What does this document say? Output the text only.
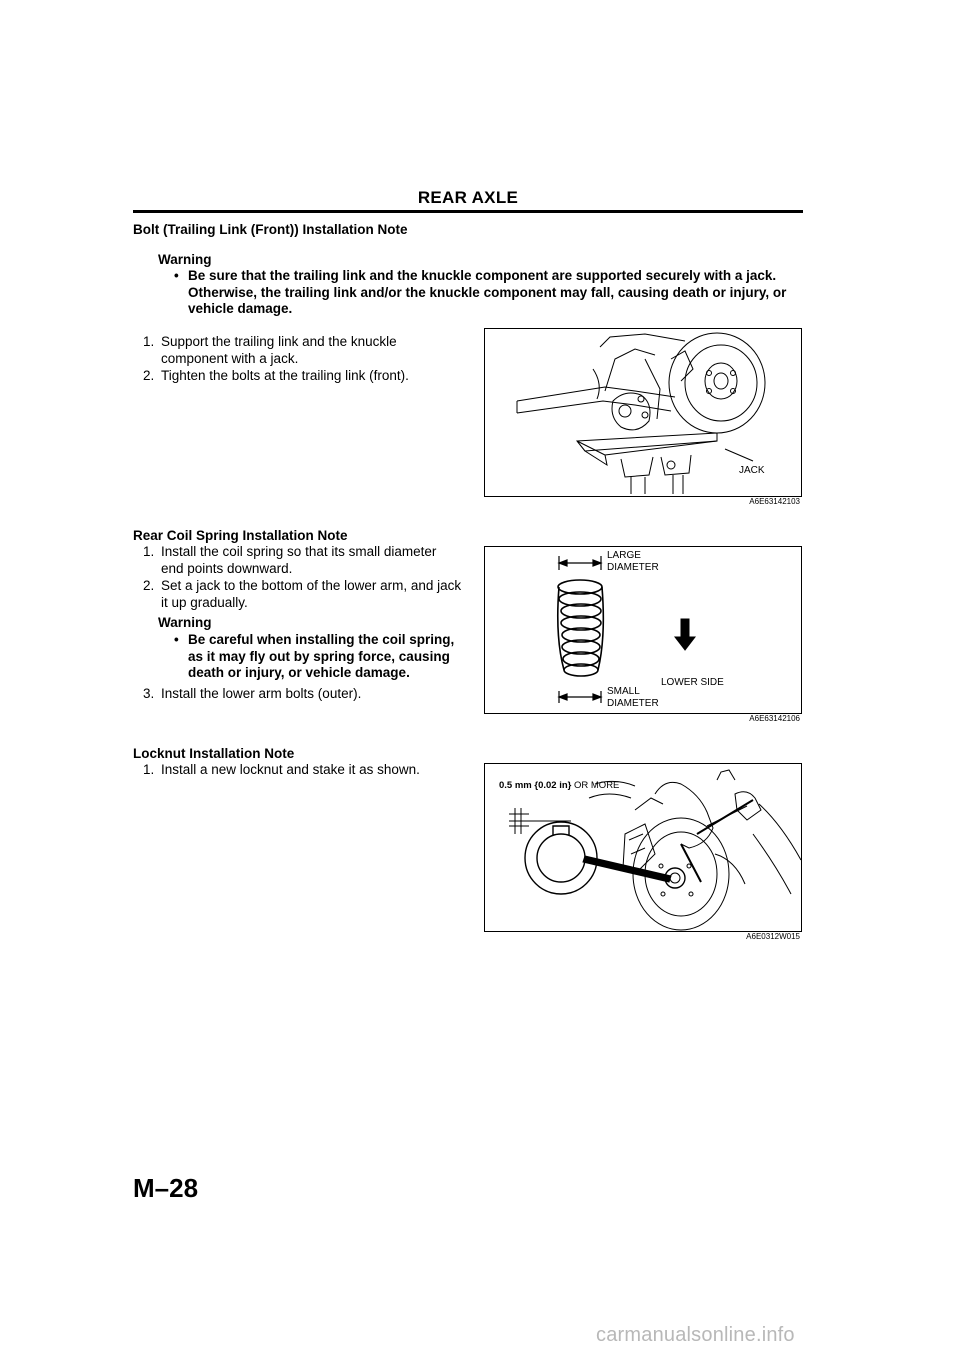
REAR AXLE
Bolt (Trailing Link (Front)) Installation Note
Warning
• Be sure that the trailing link and the knuckle component are supported securely with a jack.
Otherwise, the trailing link and/or the knuckle component may fall, causing death or injury, or
vehicle damage.
1. Support the trailing link and the knuckle
component with a jack.
2. Tighten the bolts at the trailing link (front).
JACK
A6E63142103
Rear Coil Spring Installation Note
1. Install the coil spring so that its small diameter
end points downward.
2. Set a jack to the bottom of the lower arm, and jack
it up gradually.
Warning
• Be careful when installing the coil spring,
as it may fly out by spring force, causing
death or injury, or vehicle damage.
3. Install the lower arm bolts (outer).
LARGE
DIAMETER
SMALL
DIAMETER
LOWER SIDE
A6E63142106
Locknut Installation Note
1. Install a new locknut and stake it as shown.
0.5 mm {0.02 in} OR MORE
A6E0312W015
M–28
carmanualsonline.info
